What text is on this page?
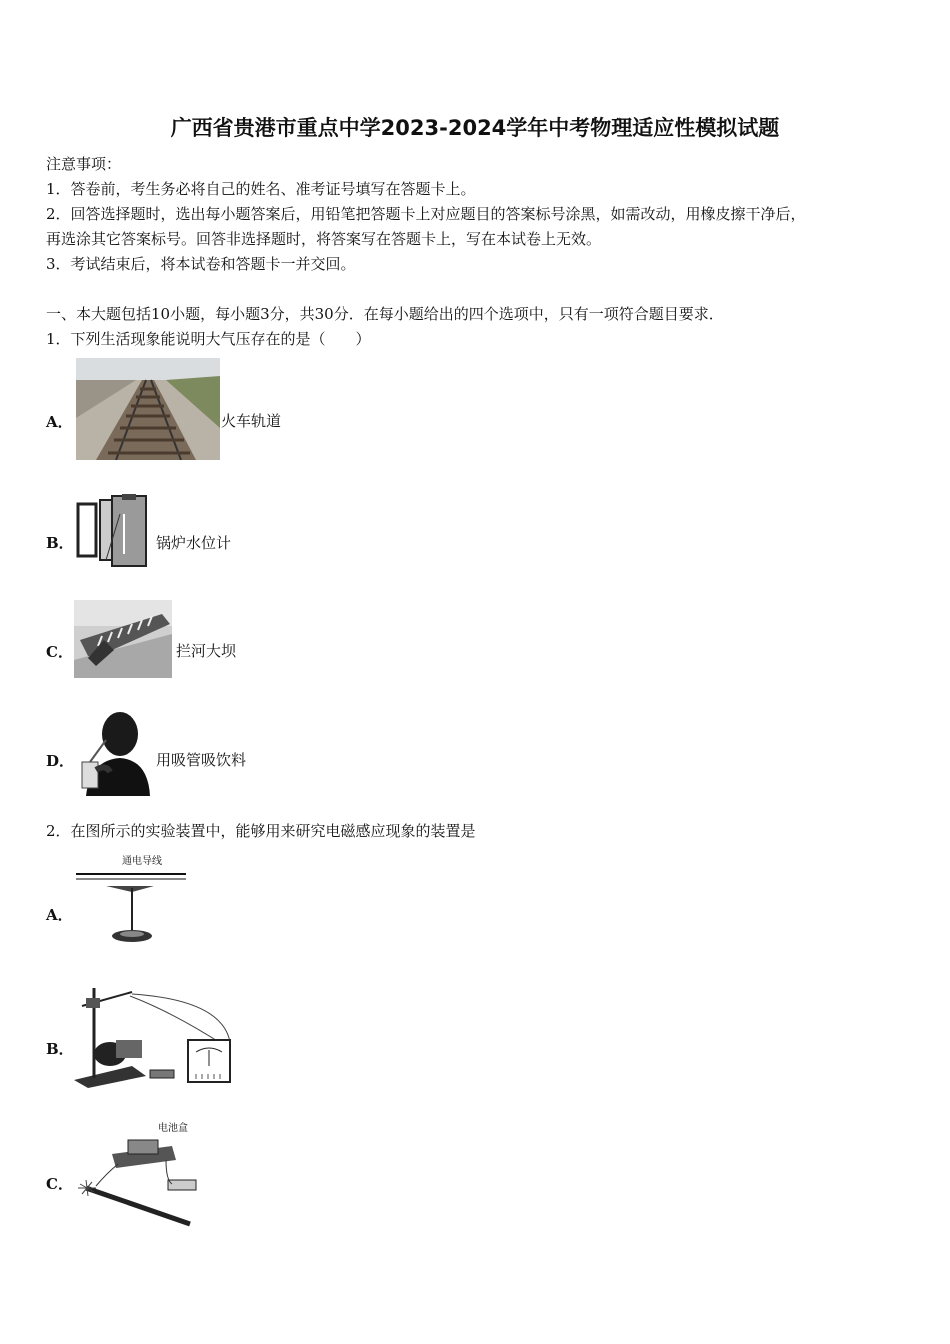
广西省贵港市重点中学2023-2024学年中考物理适应性模拟试题
注意事项：
1．答卷前，考生务必将自己的姓名、准考证号填写在答题卡上。
2．回答选择题时，选出每小题答案后，用铅笔把答题卡上对应题目的答案标号涂黑，如需改动，用橡皮擦干净后，
再选涂其它答案标号。回答非选择题时，将答案写在答题卡上，写在本试卷上无效。
3．考试结束后，将本试卷和答题卡一并交回。
一、本大题包括10小题，每小题3分，共30分．在每小题给出的四个选项中，只有一项符合题目要求．
1．下列生活现象能说明大气压存在的是（　　）
A．	火车轨道
B．	锅炉水位计
C．	拦河大坝
D．	用吸管吸饮料
2．在图所示的实验装置中，能够用来研究电磁感应现象的装置是
A．
通电导线
B．
C．
电池盒
